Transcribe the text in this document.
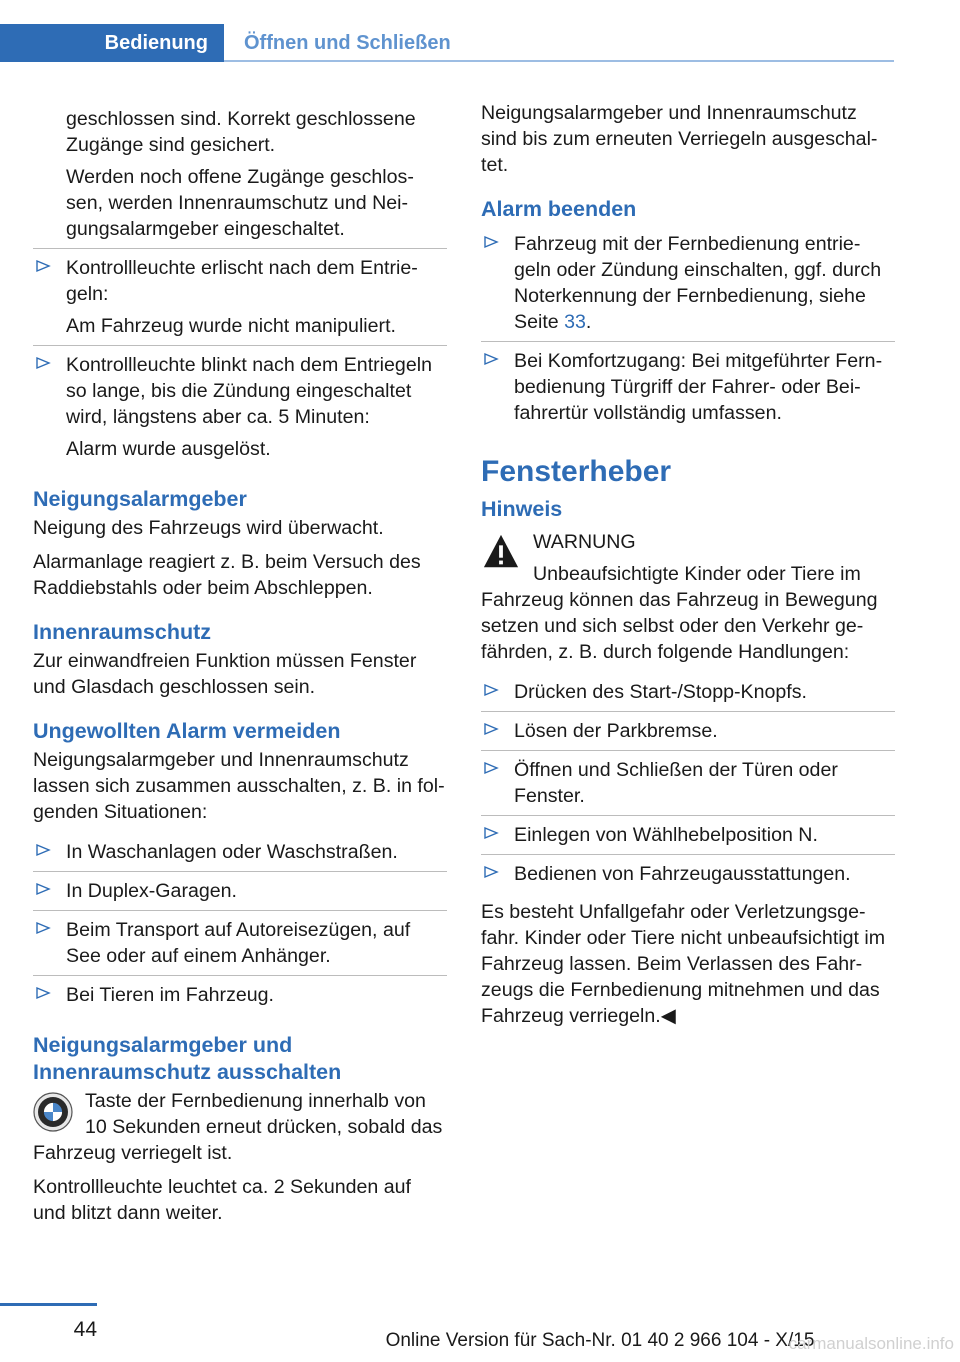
Bedienung	Öffnen und Schließen

geschlossen sind. Korrekt geschlossene Zugänge sind gesichert.

Werden noch offene Zugänge geschlos-sen, werden Innenraumschutz und Nei-gungsalarmgeber eingeschaltet.

Kontrollleuchte erlischt nach dem Entrie-geln:

Am Fahrzeug wurde nicht manipuliert.

Kontrollleuchte blinkt nach dem Entriegeln so lange, bis die Zündung eingeschaltet wird, längstens aber ca. 5 Minuten:

Alarm wurde ausgelöst.

Neigungsalarmgeber

Neigung des Fahrzeugs wird überwacht.

Alarmanlage reagiert z. B. beim Versuch des Raddiebstahls oder beim Abschleppen.

Innenraumschutz

Zur einwandfreien Funktion müssen Fenster und Glasdach geschlossen sein.

Ungewollten Alarm vermeiden

Neigungsalarmgeber und Innenraumschutz lassen sich zusammen ausschalten, z. B. in fol-genden Situationen:

In Waschanlagen oder Waschstraßen.

In Duplex-Garagen.

Beim Transport auf Autoreisezügen, auf See oder auf einem Anhänger.

Bei Tieren im Fahrzeug.

Neigungsalarmgeber und Innenraumschutz ausschalten

Taste der Fernbedienung innerhalb von 10 Sekunden erneut drücken, sobald das Fahrzeug verriegelt ist.

Kontrollleuchte leuchtet ca. 2 Sekunden auf und blitzt dann weiter.

Neigungsalarmgeber und Innenraumschutz sind bis zum erneuten Verriegeln ausgeschal-tet.

Alarm beenden

Fahrzeug mit der Fernbedienung entrie-geln oder Zündung einschalten, ggf. durch Noterkennung der Fernbedienung, siehe Seite 33.

Bei Komfortzugang: Bei mitgeführter Fern-bedienung Türgriff der Fahrer- oder Bei-fahrertür vollständig umfassen.

Fensterheber
Hinweis

WARNUNG

Unbeaufsichtigte Kinder oder Tiere im Fahrzeug können das Fahrzeug in Bewegung setzen und sich selbst oder den Verkehr ge-fährden, z. B. durch folgende Handlungen:

Drücken des Start-/Stopp-Knopfs.

Lösen der Parkbremse.

Öffnen und Schließen der Türen oder Fenster.

Einlegen von Wählhebelposition N.

Bedienen von Fahrzeugausstattungen.

Es besteht Unfallgefahr oder Verletzungsge-fahr. Kinder oder Tiere nicht unbeaufsichtigt im Fahrzeug lassen. Beim Verlassen des Fahr-zeugs die Fernbedienung mitnehmen und das Fahrzeug verriegeln.◀

44	Online Version für Sach-Nr. 01 40 2 966 104 - X/15
carmanualsonline.info
